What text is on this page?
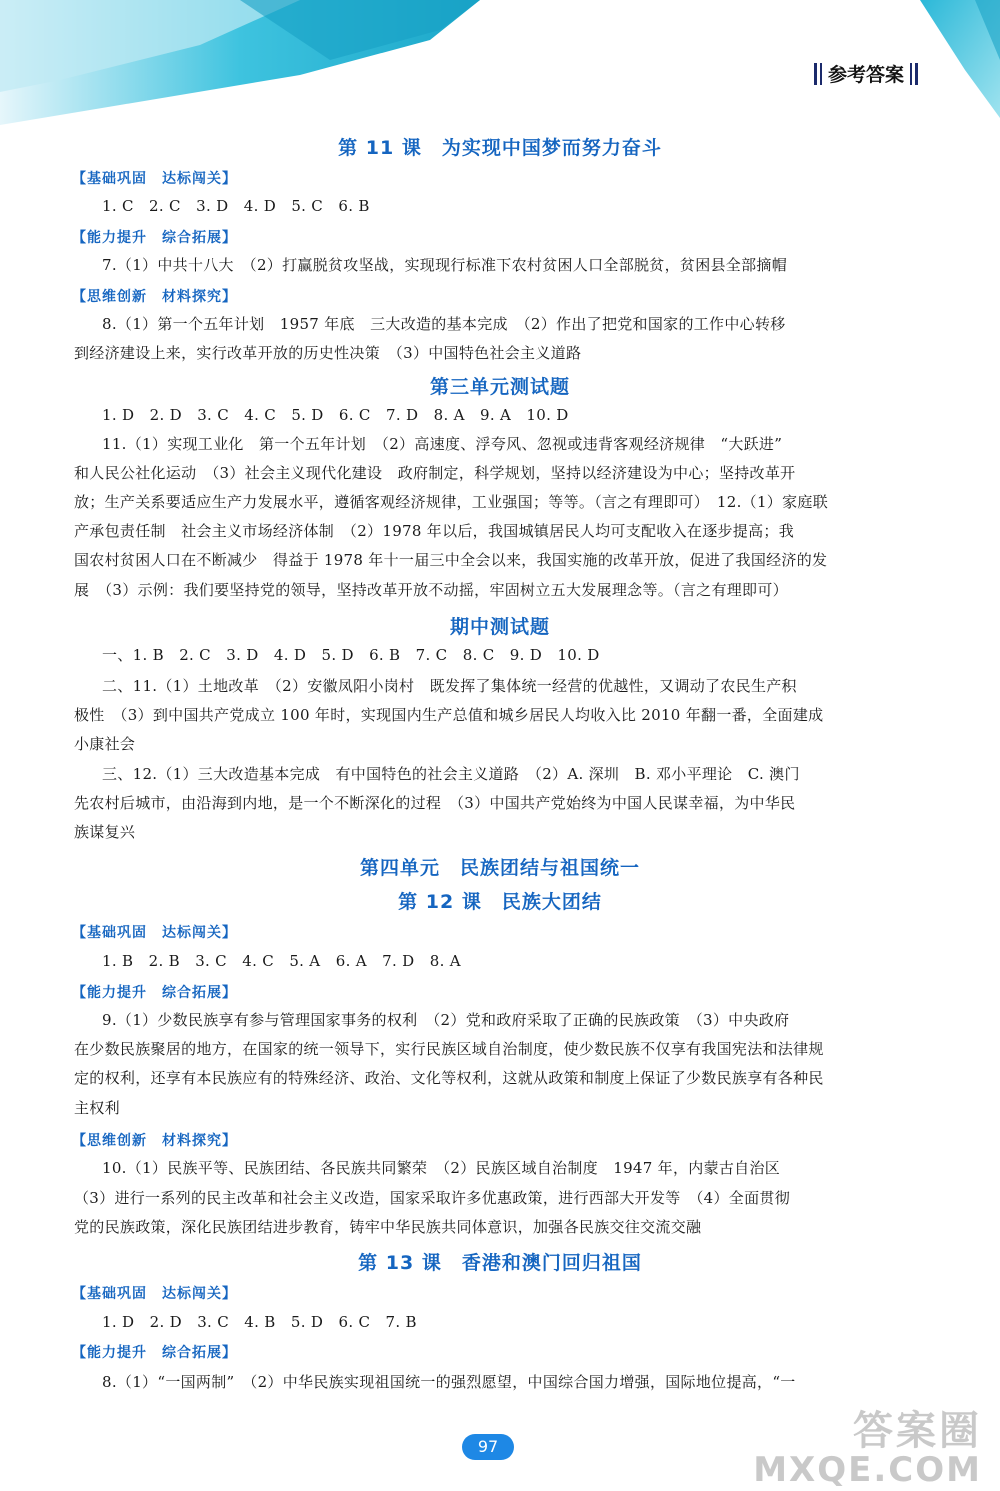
参考答案
第 11 课　为实现中国梦而努力奋斗
【基础巩固　达标闯关】
1. C　2. C　3. D　4. D　5. C　6. B
【能力提升　综合拓展】
7.（1）中共十八大　（2）打赢脱贫攻坚战，实现现行标准下农村贫困人口全部脱贫，贫困县全部摘帽
【思维创新　材料探究】
8.（1）第一个五年计划　1957 年底　三大改造的基本完成　（2）作出了把党和国家的工作中心转移
到经济建设上来，实行改革开放的历史性决策　（3）中国特色社会主义道路
第三单元测试题
1. D　2. D　3. C　4. C　5. D　6. C　7. D　8. A　9. A　10. D
11.（1）实现工业化　第一个五年计划　（2）高速度、浮夸风、忽视或违背客观经济规律　“大跃进”
和人民公社化运动　（3）社会主义现代化建设　政府制定，科学规划，坚持以经济建设为中心；坚持改革开
放；生产关系要适应生产力发展水平，遵循客观经济规律，工业强国；等等。（言之有理即可）　12.（1）家庭联
产承包责任制　社会主义市场经济体制　（2）1978 年以后，我国城镇居民人均可支配收入在逐步提高；我
国农村贫困人口在不断减少　得益于 1978 年十一届三中全会以来，我国实施的改革开放，促进了我国经济的发
展　（3）示例：我们要坚持党的领导，坚持改革开放不动摇，牢固树立五大发展理念等。（言之有理即可）
期中测试题
一、1. B　2. C　3. D　4. D　5. D　6. B　7. C　8. C　9. D　10. D
二、11.（1）土地改革　（2）安徽凤阳小岗村　既发挥了集体统一经营的优越性，又调动了农民生产积
极性　（3）到中国共产党成立 100 年时，实现国内生产总值和城乡居民人均收入比 2010 年翻一番，全面建成
小康社会
三、12.（1）三大改造基本完成　有中国特色的社会主义道路　（2）A. 深圳　B. 邓小平理论　C. 澳门
先农村后城市，由沿海到内地，是一个不断深化的过程　（3）中国共产党始终为中国人民谋幸福，为中华民
族谋复兴
第四单元　民族团结与祖国统一
第 12 课　民族大团结
【基础巩固　达标闯关】
1. B　2. B　3. C　4. C　5. A　6. A　7. D　8. A
【能力提升　综合拓展】
9.（1）少数民族享有参与管理国家事务的权利　（2）党和政府采取了正确的民族政策　（3）中央政府
在少数民族聚居的地方，在国家的统一领导下，实行民族区域自治制度，使少数民族不仅享有我国宪法和法律规
定的权利，还享有本民族应有的特殊经济、政治、文化等权利，这就从政策和制度上保证了少数民族享有各种民
主权利
【思维创新　材料探究】
10.（1）民族平等、民族团结、各民族共同繁荣　（2）民族区域自治制度　1947 年，内蒙古自治区
（3）进行一系列的民主改革和社会主义改造，国家采取许多优惠政策，进行西部大开发等　（4）全面贯彻
党的民族政策，深化民族团结进步教育，铸牢中华民族共同体意识，加强各民族交往交流交融
第 13 课　香港和澳门回归祖国
【基础巩固　达标闯关】
1. D　2. D　3. C　4. B　5. D　6. C　7. B
【能力提升　综合拓展】
8.（1）“一国两制”　（2）中华民族实现祖国统一的强烈愿望，中国综合国力增强，国际地位提高，“一
97	答案圈
MXQE.COM
